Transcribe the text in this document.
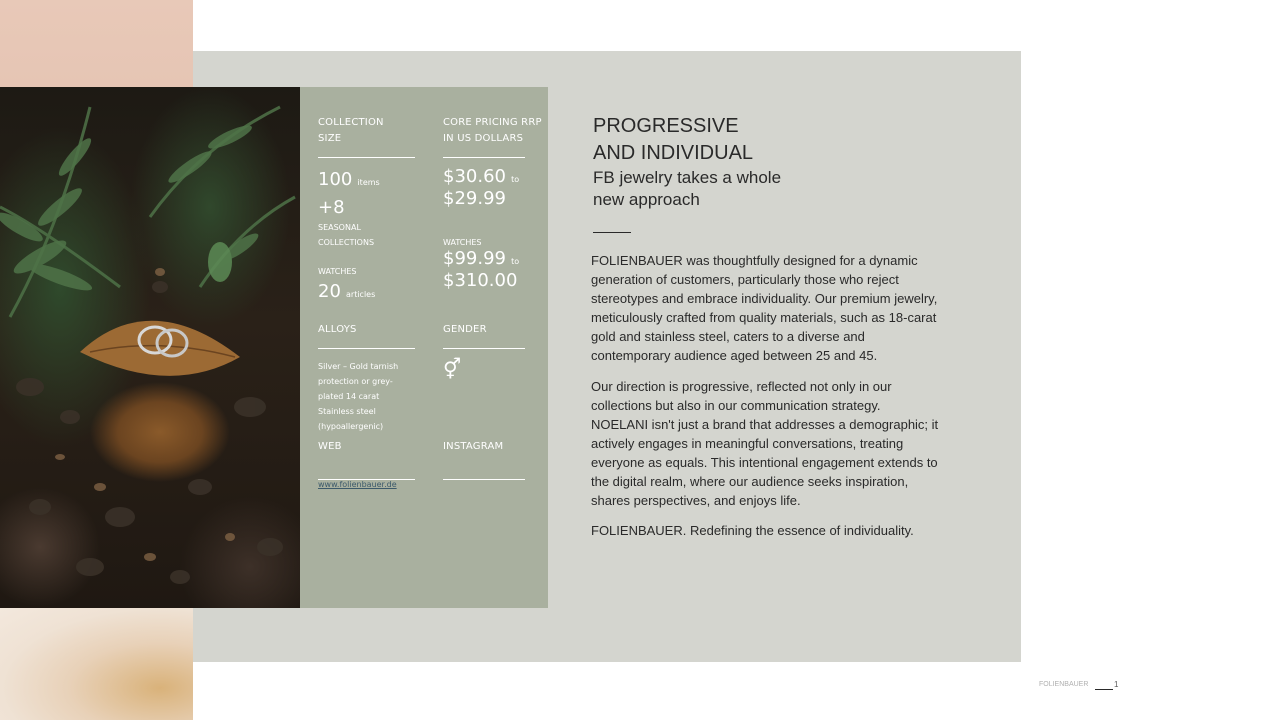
COLLECTION
SIZE
100 items
+8
SEASONAL
COLLECTIONS
WATCHES
20 articles
ALLOYS
Silver – Gold tarnish
protection or grey-
plated 14 carat
Stainless steel
(hypoallergenic)
WEB
www.folienbauer.de
CORE PRICING RRP
IN US DOLLARS
$30.60 to
$29.99
WATCHES
$99.99 to
$310.00
GENDER
⚥
INSTAGRAM
PROGRESSIVE
AND INDIVIDUAL
FB jewelry takes a whole
new approach

FOLIENBAUER was thoughtfully designed for a dynamic generation of customers, particularly those who reject stereotypes and embrace individuality. Our premium jewelry, meticulously crafted from quality materials, such as 18-carat gold and stainless steel, caters to a diverse and contemporary audience aged between 25 and 45.

Our direction is progressive, reflected not only in our collections but also in our communication strategy. NOELANI isn't just a brand that addresses a demographic; it actively engages in meaningful conversations, treating everyone as equals. This intentional engagement extends to the digital realm, where our audience seeks inspiration, shares perspectives, and enjoys life.

FOLIENBAUER. Redefining the essence of individuality.

FOLIENBAUER	1
